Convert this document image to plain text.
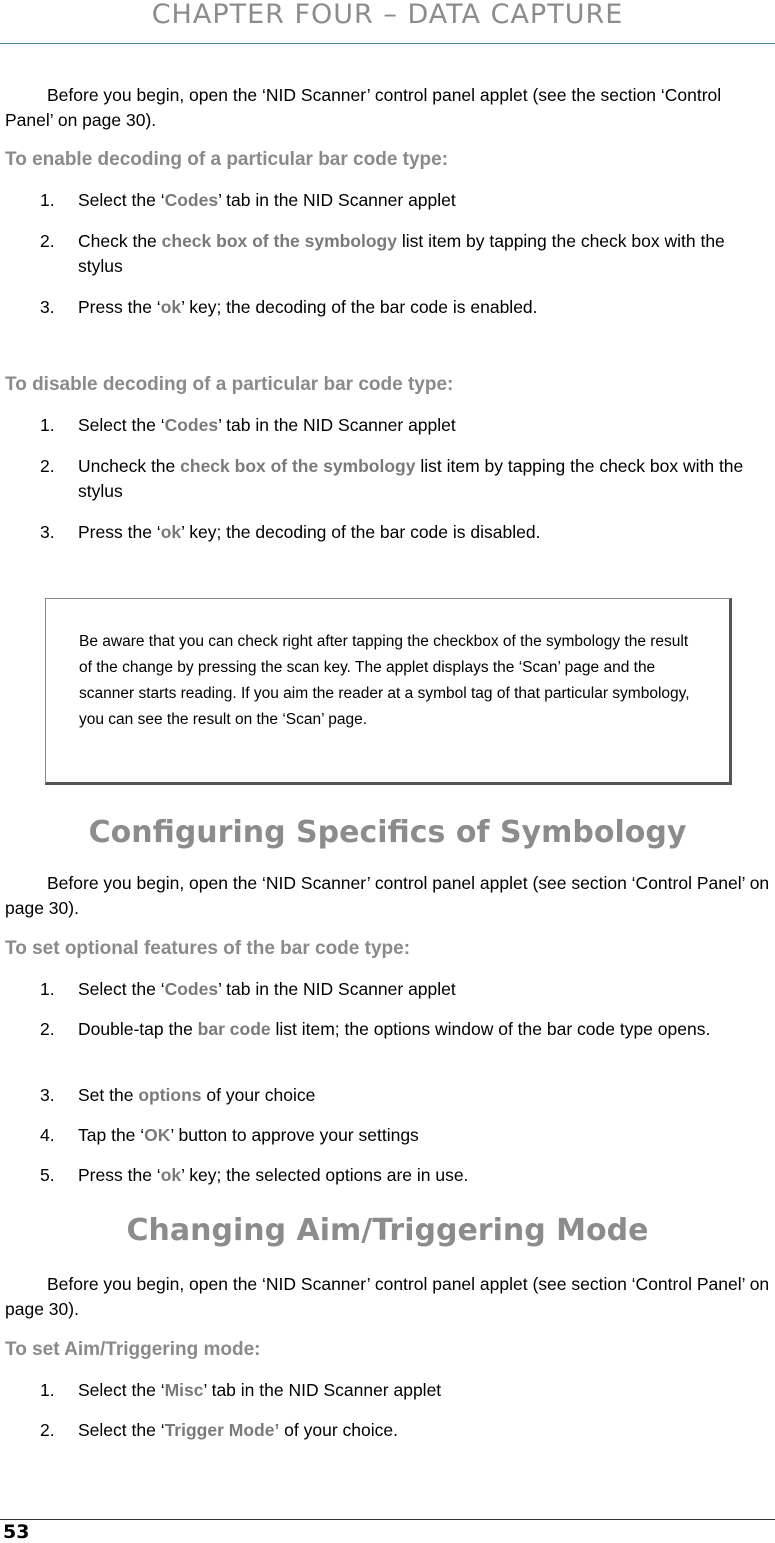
CHAPTER FOUR – DATA CAPTURE
Before you begin, open the ‘NID Scanner’ control panel applet (see the section ‘Control Panel’ on page 30).
To enable decoding of a particular bar code type:
1.	Select the ‘Codes’ tab in the NID Scanner applet
2.	Check the check box of the symbology list item by tapping the check box with the stylus
3.	Press the ‘ok’ key; the decoding of the bar code is enabled.
To disable decoding of a particular bar code type:
1.	Select the ‘Codes’ tab in the NID Scanner applet
2.	Uncheck the check box of the symbology list item by tapping the check box with the stylus
3.	Press the ‘ok’ key; the decoding of the bar code is disabled.
Be aware that you can check right after tapping the checkbox of the symbology the result of the change by pressing the scan key. The applet displays the ‘Scan’ page and the scanner starts reading. If you aim the reader at a symbol tag of that particular symbology, you can see the result on the ‘Scan’ page.
Configuring Specifics of Symbology
Before you begin, open the ‘NID Scanner’ control panel applet (see section ‘Control Panel’ on page 30).
To set optional features of the bar code type:
1.	Select the ‘Codes’ tab in the NID Scanner applet
2.	Double-tap the bar code list item; the options window of the bar code type opens.
3.	Set the options of your choice
4.	Tap the ‘OK’ button to approve your settings
5.	Press the ‘ok’ key; the selected options are in use.
Changing Aim/Triggering Mode
Before you begin, open the ‘NID Scanner’ control panel applet (see section ‘Control Panel’ on page 30).
To set Aim/Triggering mode:
1.	Select the ‘Misc’ tab in the NID Scanner applet
2.	Select the ‘Trigger Mode’ of your choice.
53
